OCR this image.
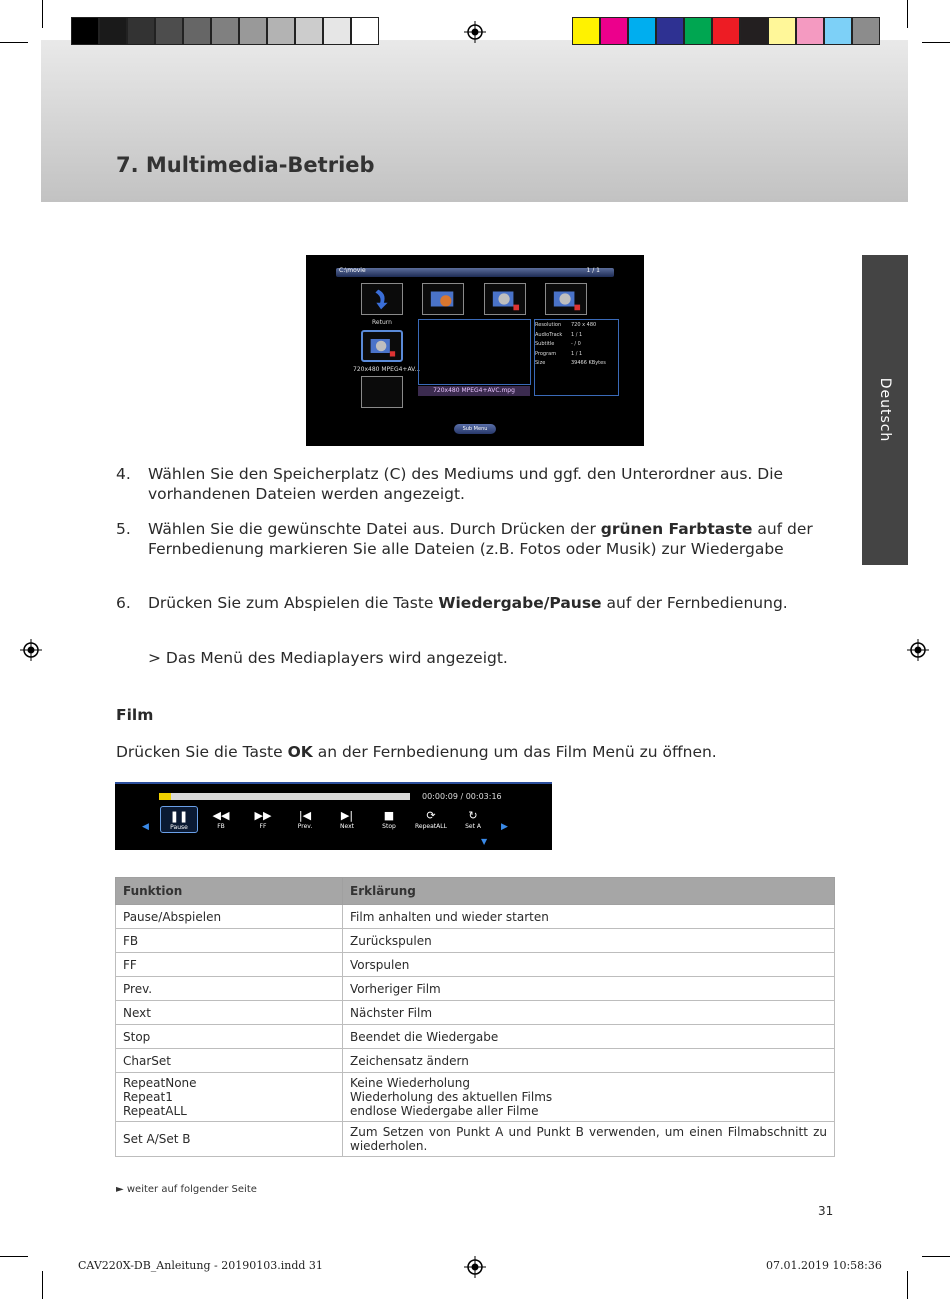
7. Multimedia-Betrieb
Deutsch
C:\movie	1 / 1
Return
720x480 MPEG4+AV...
720x480 MPEG4+AVC.mpg
Resolution 720 x 480
AudioTrack 1 / 1
Subtitle	- / 0
Program	1 / 1
Size	39466 KBytes
Sub Menu
4. Wählen Sie den Speicherplatz (C) des Mediums und ggf. den Unterordner aus. Die vorhandenen Dateien werden angezeigt.
5. Wählen Sie die gewünschte Datei aus. Durch Drücken der grünen Farbtaste auf der Fernbedienung markieren Sie alle Dateien (z.B. Fotos oder Musik) zur Wiedergabe
6. Drücken Sie zum Abspielen die Taste Wiedergabe/Pause auf der Fernbedienung.
> Das Menü des Mediaplayers wird angezeigt.
Film
Drücken Sie die Taste OK an der Fernbedienung um das Film Menü zu öffnen.
00:00:09 / 00:03:16
◀	▶
❚❚
Pause
◀◀
FB
▶▶
FF
|◀
Prev.
▶|
Next
■
Stop
⟳
RepeatALL
↻
Set A
▼
Funktion	Erklärung
Pause/Abspielen	Film anhalten und wieder starten
FB	Zurückspulen
FF	Vorspulen
Prev.	Vorheriger Film
Next	Nächster Film
Stop	Beendet die Wiedergabe
CharSet	Zeichensatz ändern
RepeatNone
Repeat1
RepeatALL	Keine Wiederholung
Wiederholung des aktuellen Films
endlose Wiedergabe aller Filme
Set A/Set B	Zum Setzen von Punkt A und Punkt B verwenden, um einen Filmabschnitt zu wiederholen.
► weiter auf folgender Seite
31
CAV220X-DB_Anleitung - 20190103.indd 31	07.01.2019 10:58:36
